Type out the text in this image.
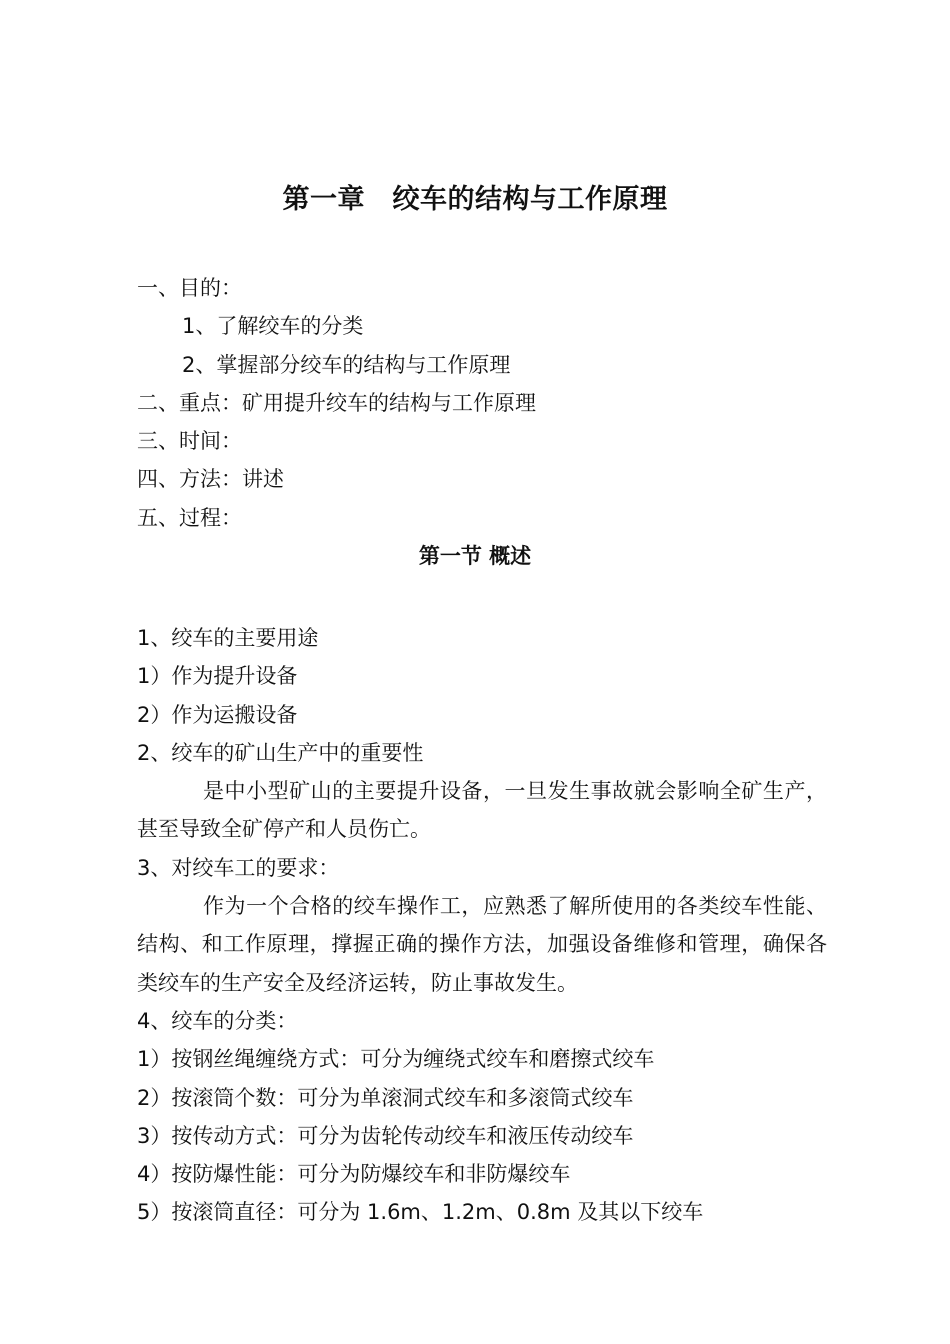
第一章　绞车的结构与工作原理
一、目的：
1、了解绞车的分类
2、掌握部分绞车的结构与工作原理
二、重点：矿用提升绞车的结构与工作原理
三、时间：
四、方法：讲述
五、过程：
第一节 概述
1、绞车的主要用途
1）作为提升设备
2）作为运搬设备
2、绞车的矿山生产中的重要性
是中小型矿山的主要提升设备，一旦发生事故就会影响全矿生产，甚至导致全矿停产和人员伤亡。
3、对绞车工的要求：
作为一个合格的绞车操作工，应熟悉了解所使用的各类绞车性能、结构、和工作原理，撑握正确的操作方法，加强设备维修和管理，确保各类绞车的生产安全及经济运转，防止事故发生。
4、绞车的分类：
1）按钢丝绳缠绕方式：可分为缠绕式绞车和磨擦式绞车
2）按滚筒个数：可分为单滚洞式绞车和多滚筒式绞车
3）按传动方式：可分为齿轮传动绞车和液压传动绞车
4）按防爆性能：可分为防爆绞车和非防爆绞车
5）按滚筒直径：可分为 1.6m、1.2m、0.8m 及其以下绞车
